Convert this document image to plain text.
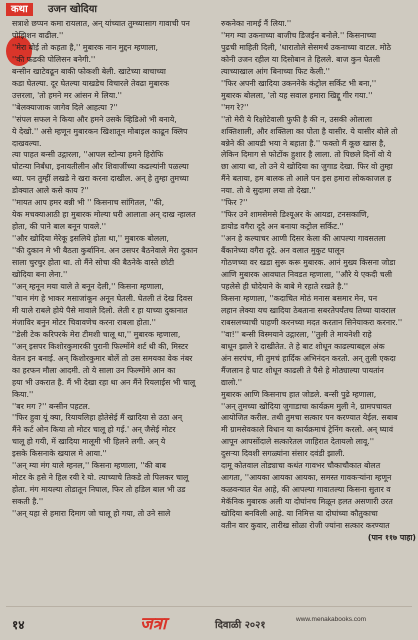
कथा	उजन खोदिया

सत्राशे छप्पन कमा रायलात, अन् यांच्यात तुम्च्यासाग गावाची पन

पोझिशन वाढील.''

''मेरा बोई तो कहता है,'' मुबारक नान मुद्दन म्हणाला,

''की फडकी पोलिसन बनेगी.''

बन्सीन खाटेवढून बाकी फोकशी बेली. खाटेच्या बाचाच्या

कडा घेतल्या. दूर घेतल्या याखडेच विचारले तेवढा मुबारक

उत्तरला, 'तो हमने मर आंसन मे लिया.''

''बेलक्याजाक जागेव दिले आहत्या ?''

''संपल सफल ने किया और हमने उसके व्हिडिओ भी बनाये,

ये देखो.'' असे म्हणून मुबारकन खिशातून मोबाइल काढून क्लिप

दाखवल्या.

त्या पाहत बन्सी उद्गारला, ''आपल स्टोन्या हमने हिरोफि

घोटन्या निर्बंधा, इनायतीलीन और शिवाजींच्या कढल्यांनी पळल्या

थ्या. पन तुम्हीं लखडे ने खरा करना दाखील. अन् हे तुम्हा तुमच्या

डोक्यात आले कसे काय ?''

''मायत आप हमर बन्नी भी '' किसनाच सांगितल, ''की,

येक मचक्याआठी हा मुबारक मोल्या घरी आलाता अन् दाख न्हालत

होता, की पाने बाल बनून पावले.''

''और खोदिया मेरेकू इसलिये होता था,'' मुबारक बोलला,

''की दुकान मे भी बैठता कुर्बानिन. अन उसपर बैठनेवाले मेरा दुकान

साला चुरचुर होता था. तो मैंने सोचा की बैठनेके वास्ते छोटी

खोदिया बना लेना.''

''अन् म्हनून मया याले ते बनून देली,'' किसना म्हणाला,

''यान मंग हे भाकर मसाजांकून अनून घेतली. घेतली तं देख दिवस

मी याले राबले होये पैसे मावाले दिलो. लेती र हा याच्या दुकानात

मंजाविर बनुन मोटर चिवावणेच करना राबला होता.''

''डेली टेक करिपरके मेरा टीमशी चालू था,'' मुबारक म्हणाला,

''अन् इसपर किशोरकुमारकी पुरानी फिल्मोंमे शर्ट थी की, मिस्टर

वेतन इन बनाई. अन् किशोरकुमार बोलें तो उस समयका वेक नंबर

का हरफन मौला आदमी. तो ये साला उन फिल्मोंमे आन का

हया भी उकरात है. मैं भी देखा रहा था अन मैंने रियलाईस भी चालू

किया.''

''बर मग ?'' बन्सीन पहटल.

''फिर हुवा यूं क्या, रियायलिहा होतेसेई मैं खादिया से उठा अन्

मैंने कर्ट ओन किया तो मोटर चालू हो गई.' अन् जैसेई मोटर

चालू हो गयी, में खादिया मालूमी भी हिलने लगी. अन् ये

इसके किसनाके खयाल मे आया.''

''अन् म्या मंग याले म्हनल,'' किसना म्हणाला, ''की बाब

मोटर के हसे ने हिल रयी रे यो. त्याच्याचे तिकडे तो पिलकर चालू

होता. मंग मायल्या तोडातून निघाल, फिर तो हडिल बाल भी उड

सकती है.''

''अन् यहा से हमारा दिमाग जो चालू हो गया, तो उने साले

रुकनेका नामई नैं लिया.''

''मग म्या उकनाच्या बाजीच डिजईन बनोले.'' किसनाच्या

पुढची माहिती दिली, 'धारातोले सेसमर्थं उकनाच्या वाटल. मोठे

कोनी उजन रहील या दिसोबान ते हिलले. बाज कुन घेतली

त्याच्याखाल आंग बिनाच्या फिट केली.''

''फिर अपनी खादिया उकननेके कंट्रोल सर्किट भी बना,''

मुबारक बोलला, 'तो यह सवाल हमारा खिद्दू गीर गया.''

''मग रे?''

''तो मेरी ये रिक्षोटेवाली फुफी है की न, उसकी ओलाला

शक्तिशाली, और शक्तिला का पोता है यासीर. ये यासीर बोले तो

बन्नेने की आयडी भया ने बहाता है.'' फक्तो मैं कूछ खास है,

लेकिन दिमाग से फोटोंक हुशार है लाला. तो पिछले दिनों वो ये

छा आया था, तो उने ये खोदिया का जुगाड देखा. फिर वो तुम्हा

मैंने बताया, हम बालक तो आले पन इस हमारा लोककाजल ह

नया. तो वे सुदामा लया तो देखा.''

''फिर ?''

''फिर उने शामसेमसे डिश्यूअर के आयडा, टनसकाणि,

डायोड वगैरा दूदे अन बनाया कट्रोल सर्किट.''

''अन हे कल्याचर आणी दिसर केला की आपल्या गावसतला

बैंकानेच्या वगैरा दूदे. अन वलात मुकुट घालून

गोठणच्या वर खडा सुरू करू मुबारक. आनं मुख्य किसना जोडा

आणि मुबारक आवघात निवडत म्हणाला, ''औरे ये एकदी चली

पहलेसे ही घोदेयाने के बाबे मे रहाते रखते है.''

किसना म्हणाला, ''कदाचित मोठं मनास बसमार मेन, पन

लहान लेक्या यच खादिया ठेबताना सबरतेपर्यंतच तिच्या यावराल

राबसलच्याची पाहणी करनच्या मदत करतान सिनेयाकरा करनार.''

''वा!'' बन्सी विस्मयाने उद्गारला, ''तुली ते मायनेशी राहे

बाधून झाले रे दाखीतेत. ते हे बाट शोधून काढल्याबद्दल अंक

अंन सरपंच, मी तुमचं हार्दिक अभिनंदन करतो. अन् तुली एकदा

मैंजलान हे घाट शोधून काढली ते पैसे हे मोठ्याल्या पायतांन

द्यालो.''

मुबारक आणि किसनाच हात जोडले. बन्सी पुढे म्हणाला,

''अन् तुमच्या खोदिया जुगाडाचा कार्यक्रम मुली ने, ग्रामपचायत

आयोजित करील. तथी तुमचा सत्कार पन करण्यात येईल. सबाब

मी ग्रामसेवकाले विधान या कार्यक्रमाचं ट्रेनिंग करलो. अन् घ्यावं

आपून आपसोंदाले सत्कारेतल जाहिरात देतायलो लावू.''

दुसऱ्या दिवशी सगळ्यांना संसार दवंडी झाली.

दामू कोतवाल तोड्याचा कथंत गावभर चौकाचौकात बोलत

आगता, ''आयका आयका आयका, समस्त गावकऱ्यांना म्हणून

कळवन्यात येत आहे, की आपल्या गावातल्या किसना सुतार व

मेकॅनिक मुबारक अली या दोघांनच मिळून हलत असणारी उरत

खोदिया बनविली आहे. या निमित्त या दोघांच्या कौतुकाचा

वतीन वार कुवार, तारीख सोळा रोजी ज्यांना सत्कार करण्यात

(पान ११७ पाहा)

१४	जत्रा	दिवाळी २०२१
www.menakabooks.com
